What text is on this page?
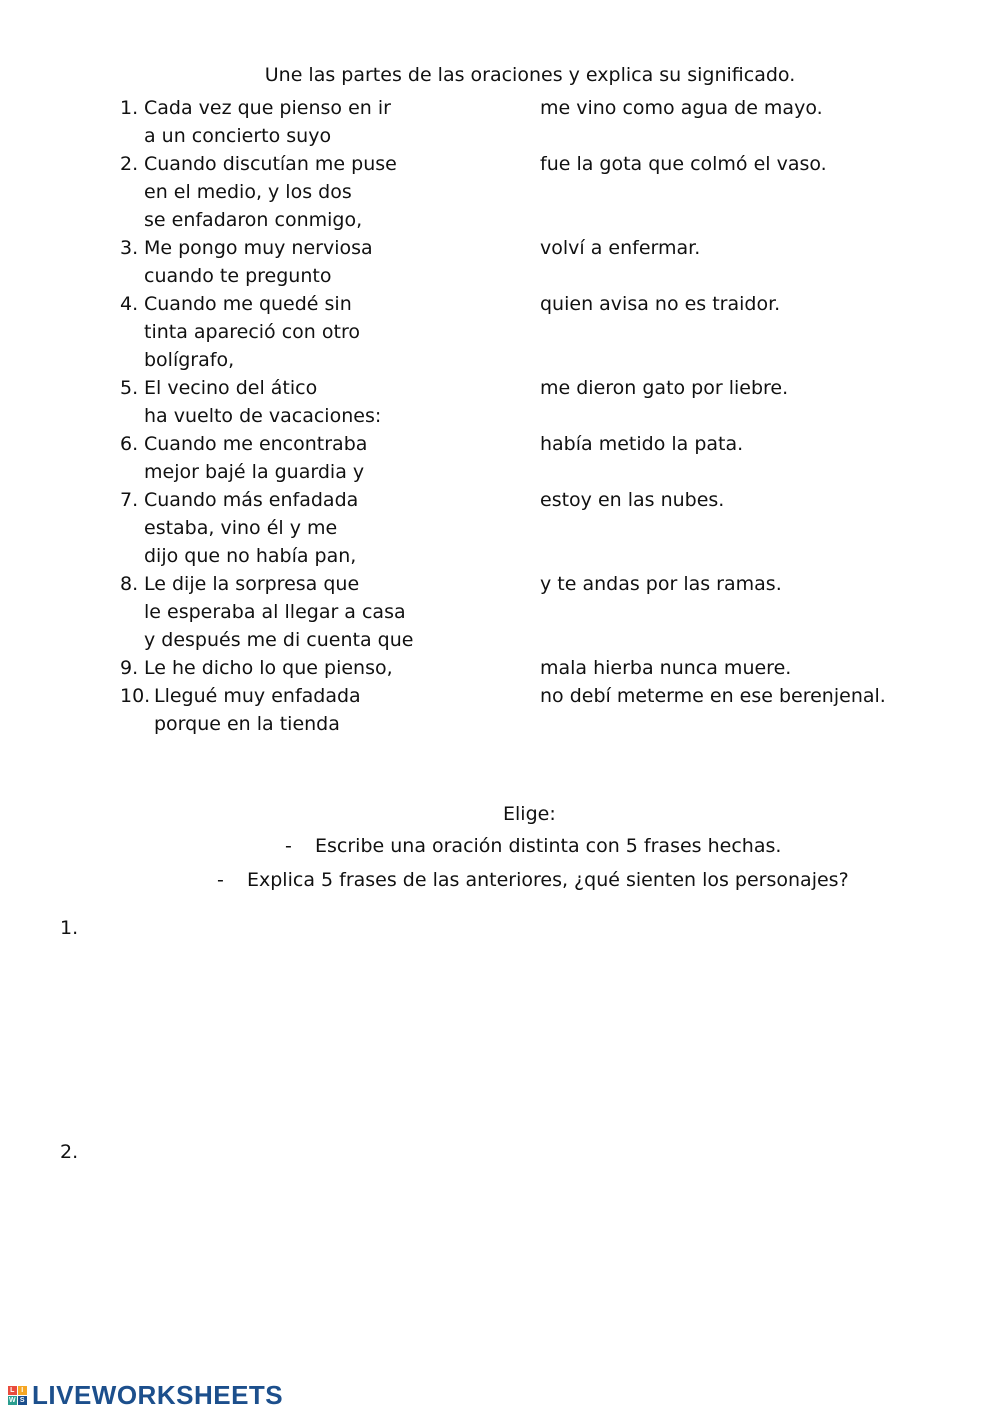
Une las partes de las oraciones y explica su significado.
1. Cada vez que pienso en ir
a un concierto suyo
me vino como agua de mayo.
2. Cuando discutían me puse
en el medio, y los dos
se enfadaron conmigo,
fue la gota que colmó el vaso.
3. Me pongo muy nerviosa
cuando te pregunto
volví a enfermar.
4. Cuando me quedé sin
tinta apareció con otro
bolígrafo,
quien avisa no es traidor.
5. El vecino del ático
ha vuelto de vacaciones:
me dieron gato por liebre.
6. Cuando me encontraba
mejor bajé la guardia y
había metido la pata.
7. Cuando más enfadada
estaba, vino él y me
dijo que no había pan,
estoy en las nubes.
8. Le dije la sorpresa que
le esperaba al llegar a casa
y después me di cuenta que
y te andas por las ramas.
9. Le he dicho lo que pienso,	mala hierba nunca muere.
10. Llegué muy enfadada
porque en la tienda
no debí meterme en ese berenjenal.
Elige:
- Escribe una oración distinta con 5 frases hechas.
- Explica 5 frases de las anteriores, ¿qué sienten los personajes?
1.
2.
L I
W S LIVEWORKSHEETS
